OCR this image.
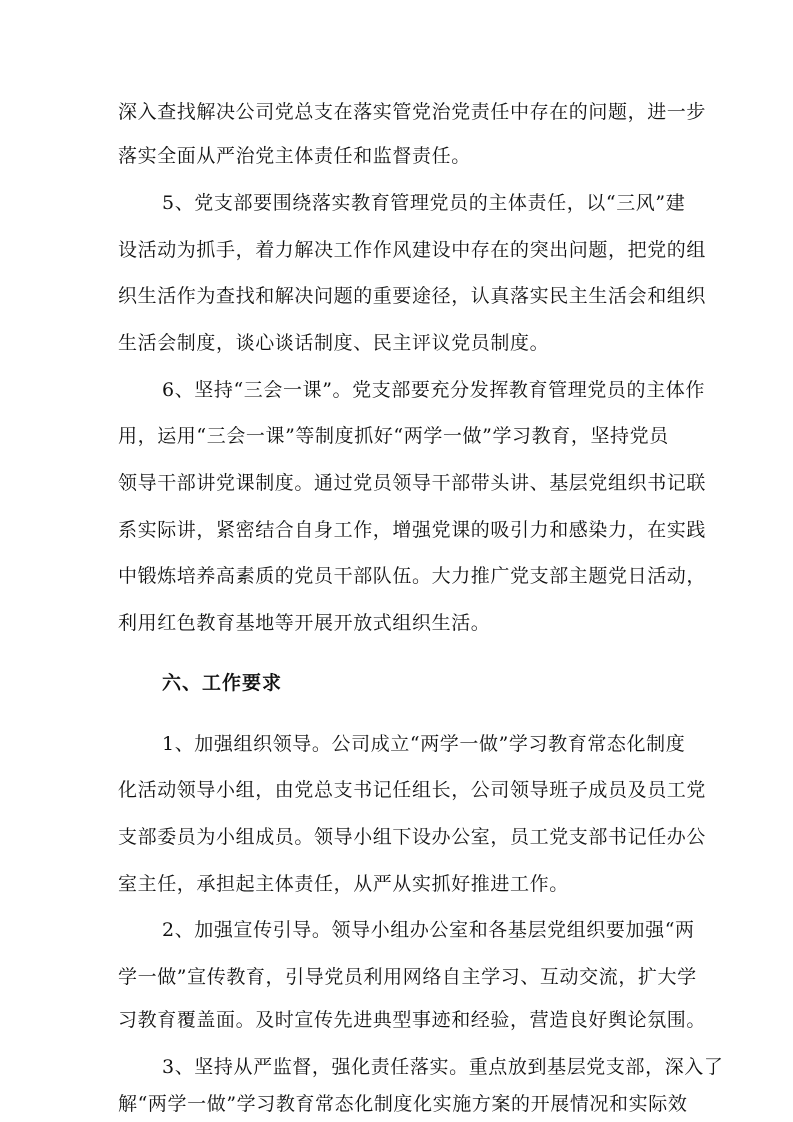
深入查找解决公司党总支在落实管党治党责任中存在的问题，进一步
落实全面从严治党主体责任和监督责任。
5、党支部要围绕落实教育管理党员的主体责任，以“三风”建
设活动为抓手，着力解决工作作风建设中存在的突出问题，把党的组
织生活作为查找和解决问题的重要途径，认真落实民主生活会和组织
生活会制度，谈心谈话制度、民主评议党员制度。
6、坚持“三会一课”。党支部要充分发挥教育管理党员的主体作
用，运用“三会一课”等制度抓好“两学一做”学习教育，坚持党员
领导干部讲党课制度。通过党员领导干部带头讲、基层党组织书记联
系实际讲，紧密结合自身工作，增强党课的吸引力和感染力，在实践
中锻炼培养高素质的党员干部队伍。大力推广党支部主题党日活动，
利用红色教育基地等开展开放式组织生活。
六、工作要求
1、加强组织领导。公司成立“两学一做”学习教育常态化制度
化活动领导小组，由党总支书记任组长，公司领导班子成员及员工党
支部委员为小组成员。领导小组下设办公室，员工党支部书记任办公
室主任，承担起主体责任，从严从实抓好推进工作。
2、加强宣传引导。领导小组办公室和各基层党组织要加强“两
学一做”宣传教育，引导党员利用网络自主学习、互动交流，扩大学
习教育覆盖面。及时宣传先进典型事迹和经验，营造良好舆论氛围。
3、坚持从严监督，强化责任落实。重点放到基层党支部，深入了
解“两学一做”学习教育常态化制度化实施方案的开展情况和实际效
